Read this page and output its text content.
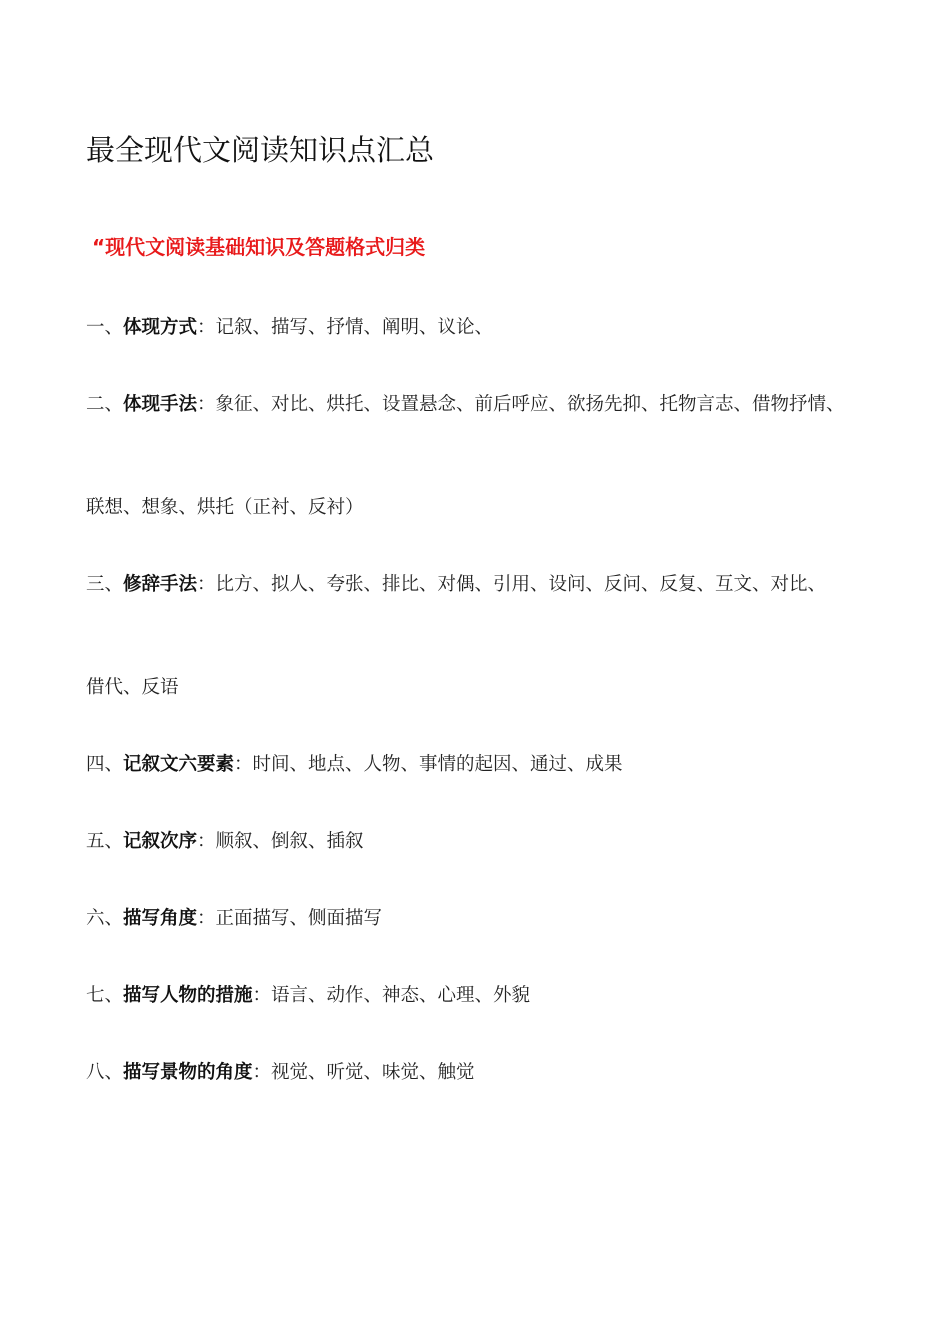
最全现代文阅读知识点汇总
“现代文阅读基础知识及答题格式归类
一、体现方式：记叙、描写、抒情、阐明、议论、
二、体现手法：象征、对比、烘托、设置悬念、前后呼应、欲扬先抑、托物言志、借物抒情、
联想、想象、烘托（正衬、反衬）
三、修辞手法：比方、拟人、夸张、排比、对偶、引用、设问、反问、反复、互文、对比、
借代、反语
四、记叙文六要素：时间、地点、人物、事情的起因、通过、成果
五、记叙次序：顺叙、倒叙、插叙
六、描写角度：正面描写、侧面描写
七、描写人物的措施：语言、动作、神态、心理、外貌
八、描写景物的角度：视觉、听觉、味觉、触觉
